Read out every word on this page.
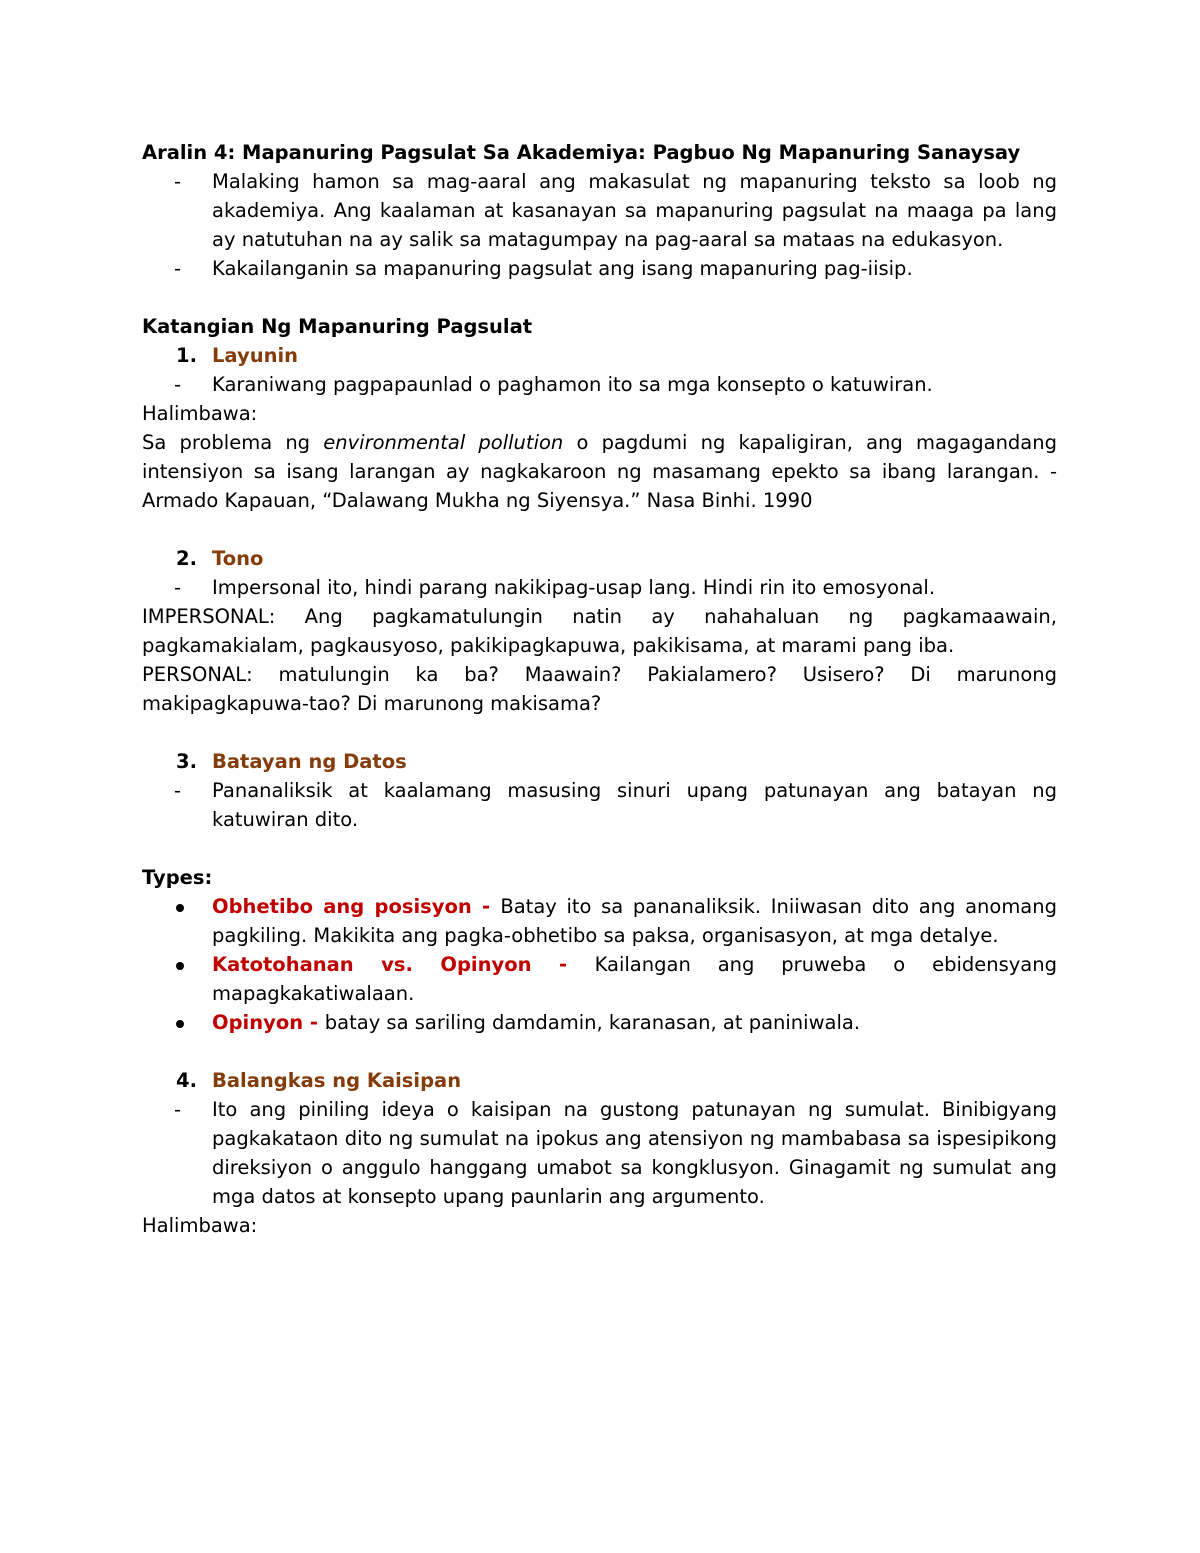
Aralin 4: Mapanuring Pagsulat Sa Akademiya: Pagbuo Ng Mapanuring Sanaysay
- Malaking hamon sa mag-aaral ang makasulat ng mapanuring teksto sa loob ng akademiya. Ang kaalaman at kasanayan sa mapanuring pagsulat na maaga pa lang ay natutuhan na ay salik sa matagumpay na pag-aaral sa mataas na edukasyon.
- Kakailanganin sa mapanuring pagsulat ang isang mapanuring pag-iisip.
Katangian Ng Mapanuring Pagsulat
1. Layunin
- Karaniwang pagpapaunlad o paghamon ito sa mga konsepto o katuwiran.
Halimbawa:
Sa problema ng environmental pollution o pagdumi ng kapaligiran, ang magagandang intensiyon sa isang larangan ay nagkakaroon ng masamang epekto sa ibang larangan. - Armado Kapauan, “Dalawang Mukha ng Siyensya.” Nasa Binhi. 1990
2. Tono
- Impersonal ito, hindi parang nakikipag-usap lang. Hindi rin ito emosyonal.
IMPERSONAL: Ang pagkamatulungin natin ay nahahaluan ng pagkamaawain, pagkamakialam, pagkausyoso, pakikipagkapuwa, pakikisama, at marami pang iba.
PERSONAL: matulungin ka ba? Maawain? Pakialamero? Usisero? Di marunong makipagkapuwa-tao? Di marunong makisama?
3. Batayan ng Datos
- Pananaliksik at kaalamang masusing sinuri upang patunayan ang batayan ng katuwiran dito.
Types:
Obhetibo ang posisyon - Batay ito sa pananaliksik. Iniiwasan dito ang anomang pagkiling. Makikita ang pagka-obhetibo sa paksa, organisasyon, at mga detalye.
Katotohanan vs. Opinyon - Kailangan ang pruweba o ebidensyang mapagkakatiwalaan.
Opinyon - batay sa sariling damdamin, karanasan, at paniniwala.
4. Balangkas ng Kaisipan
- Ito ang piniling ideya o kaisipan na gustong patunayan ng sumulat. Binibigyang pagkakataon dito ng sumulat na ipokus ang atensiyon ng mambabasa sa ispesipikong direksiyon o anggulo hanggang umabot sa kongklusyon. Ginagamit ng sumulat ang mga datos at konsepto upang paunlarin ang argumento.
Halimbawa:
